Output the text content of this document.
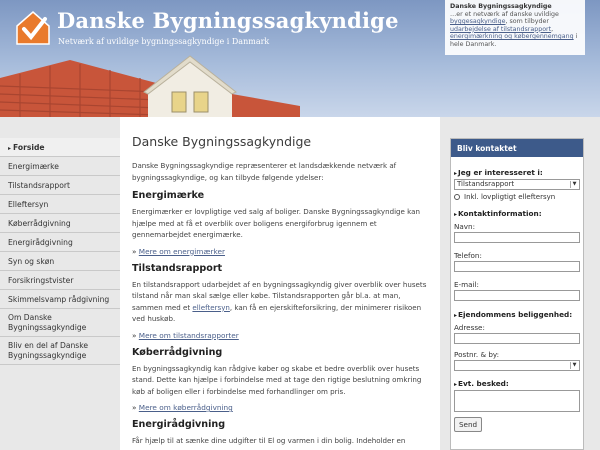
Danske Bygningssagkyndige
Netværk af uvildige bygningssagkyndige i Danmark
Danske Bygningssagkyndige
…er et netværk af danske uvildige byggesagkyndige, som tilbyder udarbejdelse af tilstandsrapport, energimærkning og købergennemgang i hele Danmark.
▸ Forside
Energimærke
Tilstandsrapport
Elleftersyn
Køberrådgivning
Energirådgivning
Syn og skøn
Forsikringstvister
Skimmelsvamp rådgivning
Om Danske Bygningssagkyndige
Bliv en del af Danske Bygningssagkyndige
Danske Bygningssagkyndige

Danske Bygningssagkyndige repræsenterer et landsdækkende netværk af bygningssagkyndige, og kan tilbyde følgende ydelser:

Energimærke

Energimærker er lovpligtige ved salg af boliger. Danske Bygningssagkyndige kan hjælpe med at få et overblik over boligens energiforbrug igennem et gennemarbejdet energimærke.

» Mere om energimærker
Tilstandsrapport

En tilstandsrapport udarbejdet af en bygningssagkyndig giver overblik over husets tilstand når man skal sælge eller købe. Tilstandsrapporten går bl.a. at man, sammen med et elleftersyn, kan få en ejerskifteforsikring, der minimerer risikoen ved huskøb.

» Mere om tilstandsrapporter
Køberrådgivning

En bygningssagkyndig kan rådgive køber og skabe et bedre overblik over husets stand. Dette kan hjælpe i forbindelse med at tage den rigtige beslutning omkring køb af boligen eller i forbindelse med forhandlinger om pris.

» Mere om køberrådgivning
Energirådgivning

Får hjælp til at sænke dine udgifter til El og varmen i din bolig. Indeholder en

Bliv kontaktet
▸Jeg er interesseret i:
Tilstandsrapport	▼
Inkl. lovpligtigt elleftersyn
▸Kontaktinformation:
Navn:
Telefon:
E-mail:
▸Ejendommens beliggenhed:
Adresse:
Postnr. & by:
▼
▸Evt. besked:
Send
